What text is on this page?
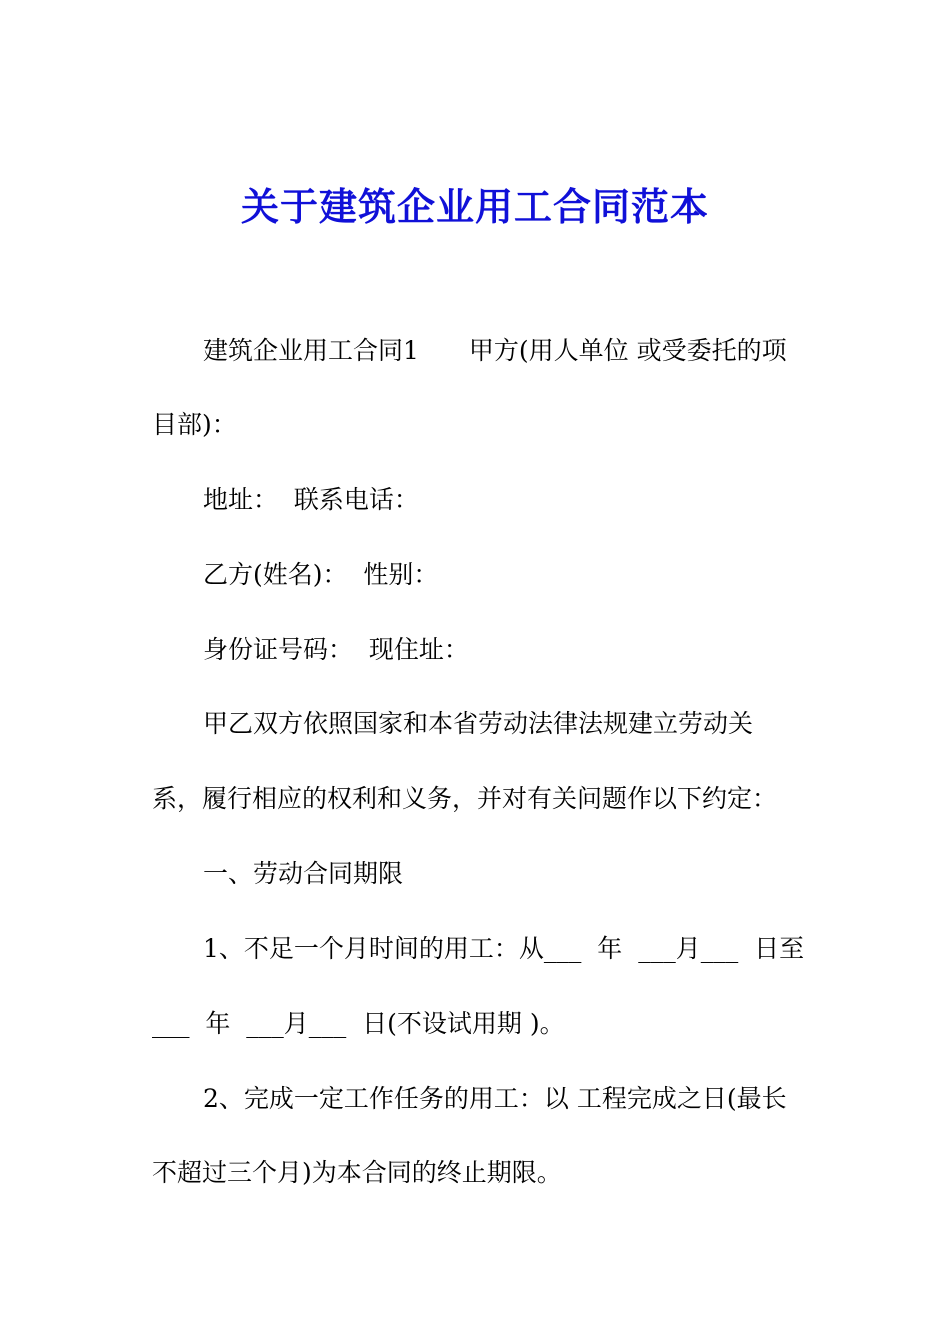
关于建筑企业用工合同范本
建筑企业用工合同1　　甲方(用人单位 或受委托的项
目部)：
地址：  联系电话：
乙方(姓名)：  性别：
身份证号码：  现住址：
甲乙双方依照国家和本省劳动法律法规建立劳动关
系，履行相应的权利和义务，并对有关问题作以下约定：
一、劳动合同期限
1、不足一个月时间的用工：从___  年  ___月___  日至
___  年  ___月___  日(不设试用期 )。
2、完成一定工作任务的用工：以 工程完成之日(最长
不超过三个月)为本合同的终止期限。
